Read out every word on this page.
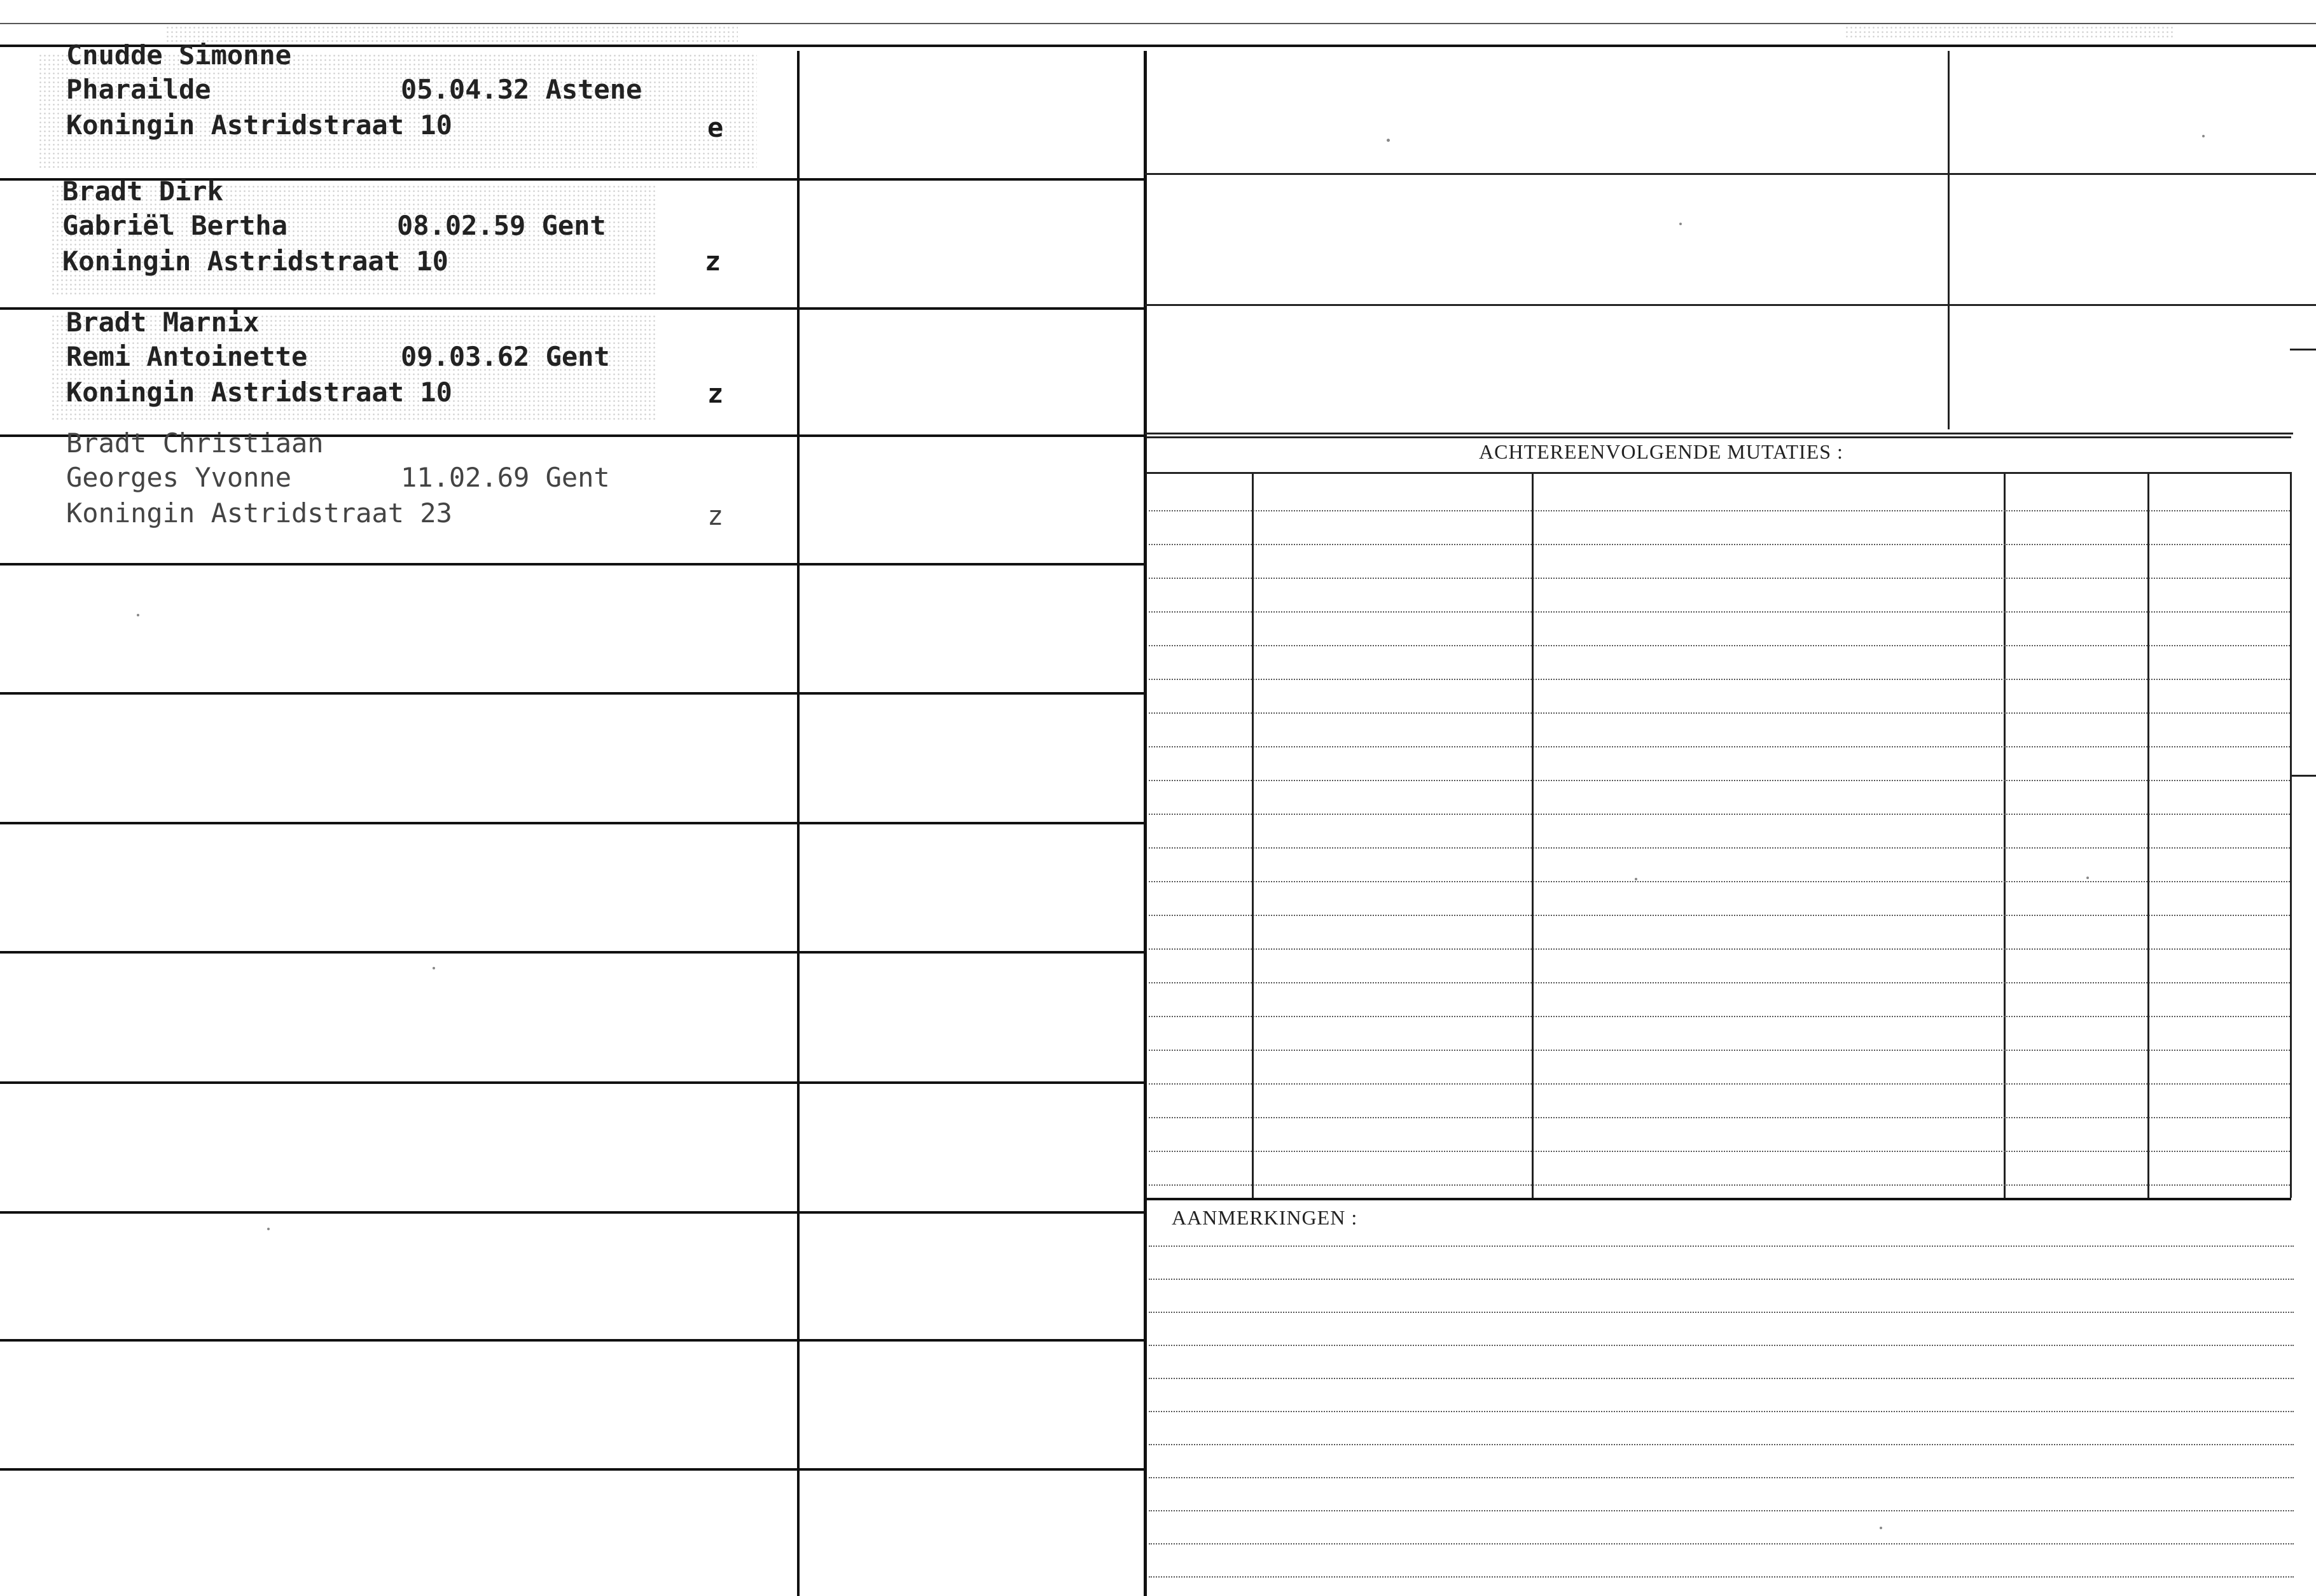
Cnudde Simonne
Pharailde	05.04.32 Astene
Koningin Astridstraat 10	e
Bradt Dirk
Gabriël Bertha	08.02.59 Gent
Koningin Astridstraat 10	z
Bradt Marnix
Remi Antoinette	09.03.62 Gent
Koningin Astridstraat 10	z
Bradt Christiaan
Georges Yvonne	11.02.69 Gent
Koningin Astridstraat 23	z
ACHTEREENVOLGENDE MUTATIES :
AANMERKINGEN :
